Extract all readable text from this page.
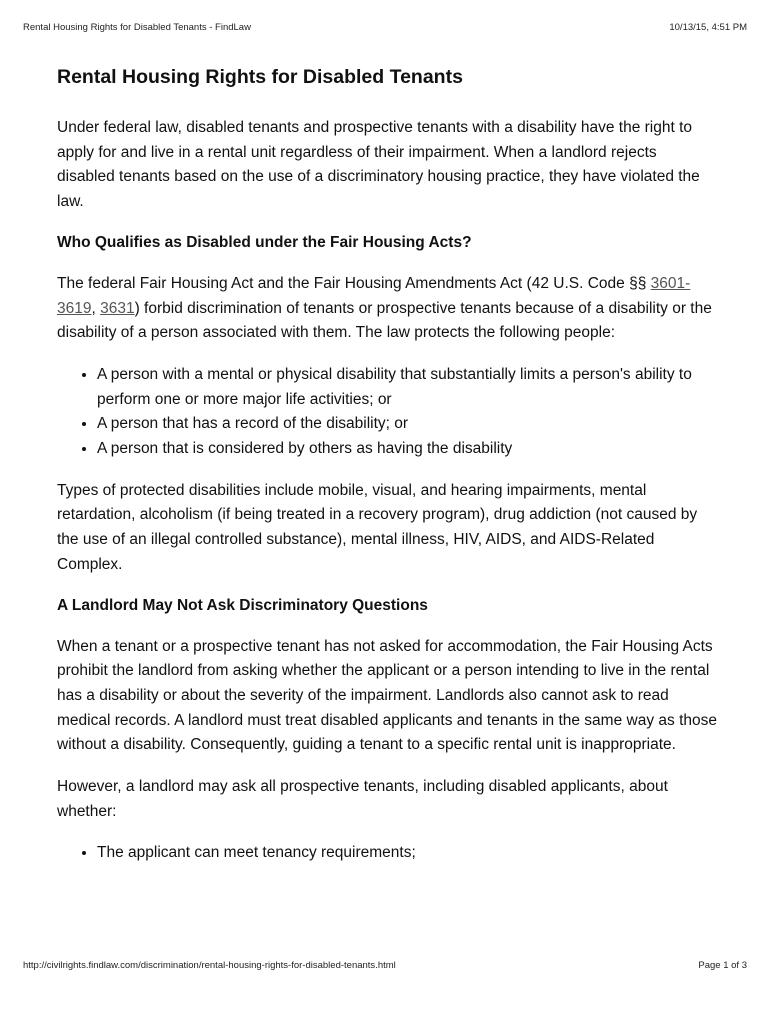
Rental Housing Rights for Disabled Tenants - FindLaw	10/13/15, 4:51 PM
Rental Housing Rights for Disabled Tenants

Under federal law, disabled tenants and prospective tenants with a disability have the right to apply for and live in a rental unit regardless of their impairment. When a landlord rejects disabled tenants based on the use of a discriminatory housing practice, they have violated the law.

Who Qualifies as Disabled under the Fair Housing Acts?

The federal Fair Housing Act and the Fair Housing Amendments Act (42 U.S. Code §§ 3601-3619, 3631) forbid discrimination of tenants or prospective tenants because of a disability or the disability of a person associated with them. The law protects the following people:

• A person with a mental or physical disability that substantially limits a person's ability to perform one or more major life activities; or
• A person that has a record of the disability; or
• A person that is considered by others as having the disability

Types of protected disabilities include mobile, visual, and hearing impairments, mental retardation, alcoholism (if being treated in a recovery program), drug addiction (not caused by the use of an illegal controlled substance), mental illness, HIV, AIDS, and AIDS-Related Complex.

A Landlord May Not Ask Discriminatory Questions

When a tenant or a prospective tenant has not asked for accommodation, the Fair Housing Acts prohibit the landlord from asking whether the applicant or a person intending to live in the rental has a disability or about the severity of the impairment. Landlords also cannot ask to read medical records. A landlord must treat disabled applicants and tenants in the same way as those without a disability. Consequently, guiding a tenant to a specific rental unit is inappropriate.

However, a landlord may ask all prospective tenants, including disabled applicants, about whether:

• The applicant can meet tenancy requirements;
http://civilrights.findlaw.com/discrimination/rental-housing-rights-for-disabled-tenants.html	Page 1 of 3
